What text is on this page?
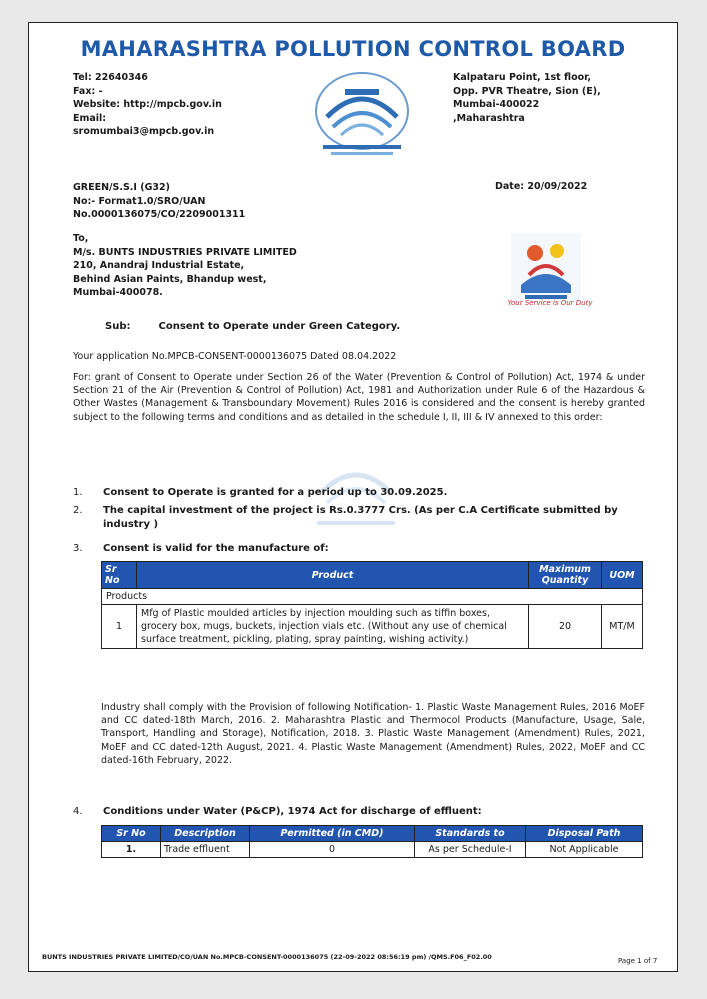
MAHARASHTRA POLLUTION CONTROL BOARD
Tel: 22640346
Fax: -
Website: http://mpcb.gov.in
Email:
sromumbai3@mpcb.gov.in
Kalpataru Point, 1st floor,
Opp. PVR Theatre, Sion (E),
Mumbai-400022
,Maharashtra
GREEN/S.S.I (G32)
No:- Format1.0/SRO/UAN
No.0000136075/CO/2209001311
Date: 20/09/2022
To,
M/s. BUNTS INDUSTRIES PRIVATE LIMITED
210, Anandraj Industrial Estate,
Behind Asian Paints, Bhandup west,
Mumbai-400078.
Your Service is Our Duty
Sub:	Consent to Operate under Green Category.
Your application No.MPCB-CONSENT-0000136075 Dated 08.04.2022
For: grant of Consent to Operate under Section 26 of the Water (Prevention & Control of Pollution) Act, 1974 & under Section 21 of the Air (Prevention & Control of Pollution) Act, 1981 and Authorization under Rule 6 of the Hazardous & Other Wastes (Management & Transboundary Movement) Rules 2016 is considered and the consent is hereby granted subject to the following terms and conditions and as detailed in the schedule I, II, III & IV annexed to this order:
1. Consent to Operate is granted for a period up to 30.09.2025.
2. The capital investment of the project is Rs.0.3777 Crs. (As per C.A Certificate submitted by industry )
3. Consent is valid for the manufacture of:
Sr No	Product	Maximum Quantity	UOM
Products			
1	Mfg of Plastic moulded articles by injection moulding such as tiffin boxes, grocery box, mugs, buckets, injection vials etc. (Without any use of chemical surface treatment, pickling, plating, spray painting, wishing activity.)	20	MT/M
Industry shall comply with the Provision of following Notification- 1. Plastic Waste Management Rules, 2016 MoEF and CC dated-18th March, 2016. 2. Maharashtra Plastic and Thermocol Products (Manufacture, Usage, Sale, Transport, Handling and Storage), Notification, 2018. 3. Plastic Waste Management (Amendment) Rules, 2021, MoEF and CC dated-12th August, 2021. 4. Plastic Waste Management (Amendment) Rules, 2022, MoEF and CC dated-16th February, 2022.
4. Conditions under Water (P&CP), 1974 Act for discharge of effluent:
Sr No	Description	Permitted (in CMD)	Standards to	Disposal Path
1.	Trade effluent	0	As per Schedule-I	Not Applicable
BUNTS INDUSTRIES PRIVATE LIMITED/CO/UAN No.MPCB-CONSENT-0000136075 (22-09-2022 08:56:19 pm) /QMS.F06_F02.00	Page 1 of 7
